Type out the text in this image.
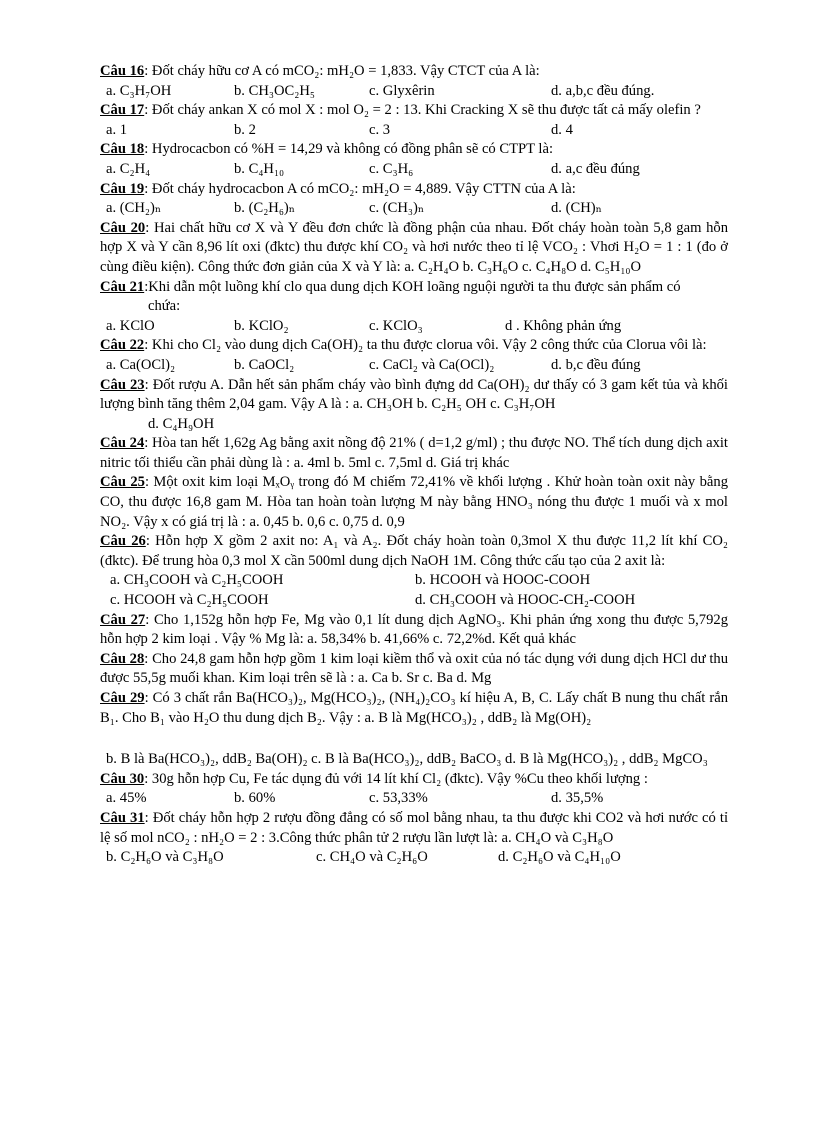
Câu 16: Đốt cháy hữu cơ A có mCO₂: mH₂O = 1,833. Vậy CTCT của A là:
a. C₃H₇OH	b. CH₃OC₂H₅	c. Glyxêrin	d. a,b,c đều đúng.
Câu 17: Đốt cháy ankan X có mol X : mol O₂ = 2 : 13. Khi Cracking X sẽ thu được tất cả mấy olefin ?
a. 1	b. 2	c. 3	d. 4
Câu 18: Hydrocacbon có %H = 14,29 và không có đồng phân sẽ có CTPT là:
a. C₂H₄	b. C₄H₁₀	c. C₃H₆	d. a,c đều đúng
Câu 19: Đốt cháy hydrocacbon A có mCO₂: mH₂O = 4,889. Vậy CTTN của A là:
a. (CH₂)ₙ	b. (C₂H₆)ₙ	c. (CH₃)ₙ	d. (CH)ₙ
Câu 20: Hai chất hữu cơ X và Y đều đơn chức là đồng phận của nhau. Đốt cháy hoàn toàn 5,8 gam hỗn hợp X và Y cần 8,96 lít oxi (đktc) thu được khí CO₂ và hơi nước theo tỉ lệ VCO₂ : Vhơi H₂O = 1 : 1 (đo ở cùng điều kiện). Công thức đơn giản của X và Y là: a. C₂H₄O b. C₃H₆O c. C₄H₈O d. C₅H₁₀O
Câu 21:Khi dẫn một luồng khí clo qua dung dịch KOH loãng nguội người ta thu được sản phẩm có
chứa:
a. KClO	b. KClO₂	c. KClO₃	d . Không phản ứng
Câu 22: Khi cho Cl₂ vào dung dịch Ca(OH)₂ ta thu được clorua vôi. Vậy 2 công thức của Clorua vôi là:
a. Ca(OCl)₂	b. CaOCl₂	c. CaCl₂ và Ca(OCl)₂	d. b,c đều đúng
Câu 23: Đốt rượu A. Dẫn hết sản phẩm cháy vào bình đựng dd Ca(OH)₂ dư thấy có 3 gam kết tủa và khối lượng bình tăng thêm 2,04 gam. Vậy A là : a. CH₃OH b. C₂H₅ OH c. C₃H₇OH
d. C₄H₉OH
Câu 24: Hòa tan hết 1,62g Ag bằng axit nồng độ 21% ( d=1,2 g/ml) ; thu được NO. Thể tích dung dịch axit nitric tối thiểu cần phải dùng là : a. 4ml b. 5ml c. 7,5ml d. Giá trị khác
Câu 25: Một oxit kim loại MₓOᵧ trong đó M chiếm 72,41% về khối lượng . Khử hoàn toàn oxit này bằng CO, thu được 16,8 gam M. Hòa tan hoàn toàn lượng M này bằng HNO₃ nóng thu được 1 muối và x mol NO₂. Vậy x có giá trị là : a. 0,45 b. 0,6 c. 0,75 d. 0,9
Câu 26: Hỗn hợp X gồm 2 axit no: A₁ và A₂. Đốt cháy hoàn toàn 0,3mol X thu được 11,2 lít khí CO₂ (đktc). Để trung hòa 0,3 mol X cần 500ml dung dịch NaOH 1M. Công thức cấu tạo của 2 axit là:
a. CH₃COOH và C₂H₅COOH	b. HCOOH và HOOC-COOH
c. HCOOH và C₂H₅COOH	d. CH₃COOH và HOOC-CH₂-COOH
Câu 27: Cho 1,152g hỗn hợp Fe, Mg vào 0,1 lít dung dịch AgNO₃. Khi phản ứng xong thu được 5,792g hỗn hợp 2 kim loại . Vậy % Mg là: a. 58,34% b. 41,66% c. 72,2%d. Kết quả khác
Câu 28: Cho 24,8 gam hỗn hợp gồm 1 kim loại kiềm thổ và oxit của nó tác dụng với dung dịch HCl dư thu được 55,5g muối khan. Kim loại trên sẽ là : a. Ca b. Sr c. Ba d. Mg
Câu 29: Có 3 chất rắn Ba(HCO₃)₂, Mg(HCO₃)₂, (NH₄)₂CO₃ kí hiệu A, B, C. Lấy chất B nung thu chất rắn B₁. Cho B₁ vào H₂O thu dung dịch B₂. Vậy : a. B là Mg(HCO₃)₂ , ddB₂ là Mg(OH)₂
b. B là Ba(HCO₃)₂, ddB₂ Ba(OH)₂ c. B là Ba(HCO₃)₂, ddB₂ BaCO₃ d. B là Mg(HCO₃)₂ , ddB₂ MgCO₃
Câu 30: 30g hỗn hợp Cu, Fe tác dụng đủ với 14 lít khí Cl₂ (đktc). Vậy %Cu theo khối lượng :
a. 45%	b. 60%	c. 53,33%	d. 35,5%
Câu 31: Đốt cháy hỗn hợp 2 rượu đồng đẳng có số mol bằng nhau, ta thu được khi CO2 và hơi nước có tỉ lệ số mol nCO₂ : nH₂O = 2 : 3.Công thức phân tử 2 rượu lần lượt là: a. CH₄O và C₃H₈O
b. C₂H₆O và C₃H₈O	c. CH₄O và C₂H₆O	d. C₂H₆O và C₄H₁₀O
